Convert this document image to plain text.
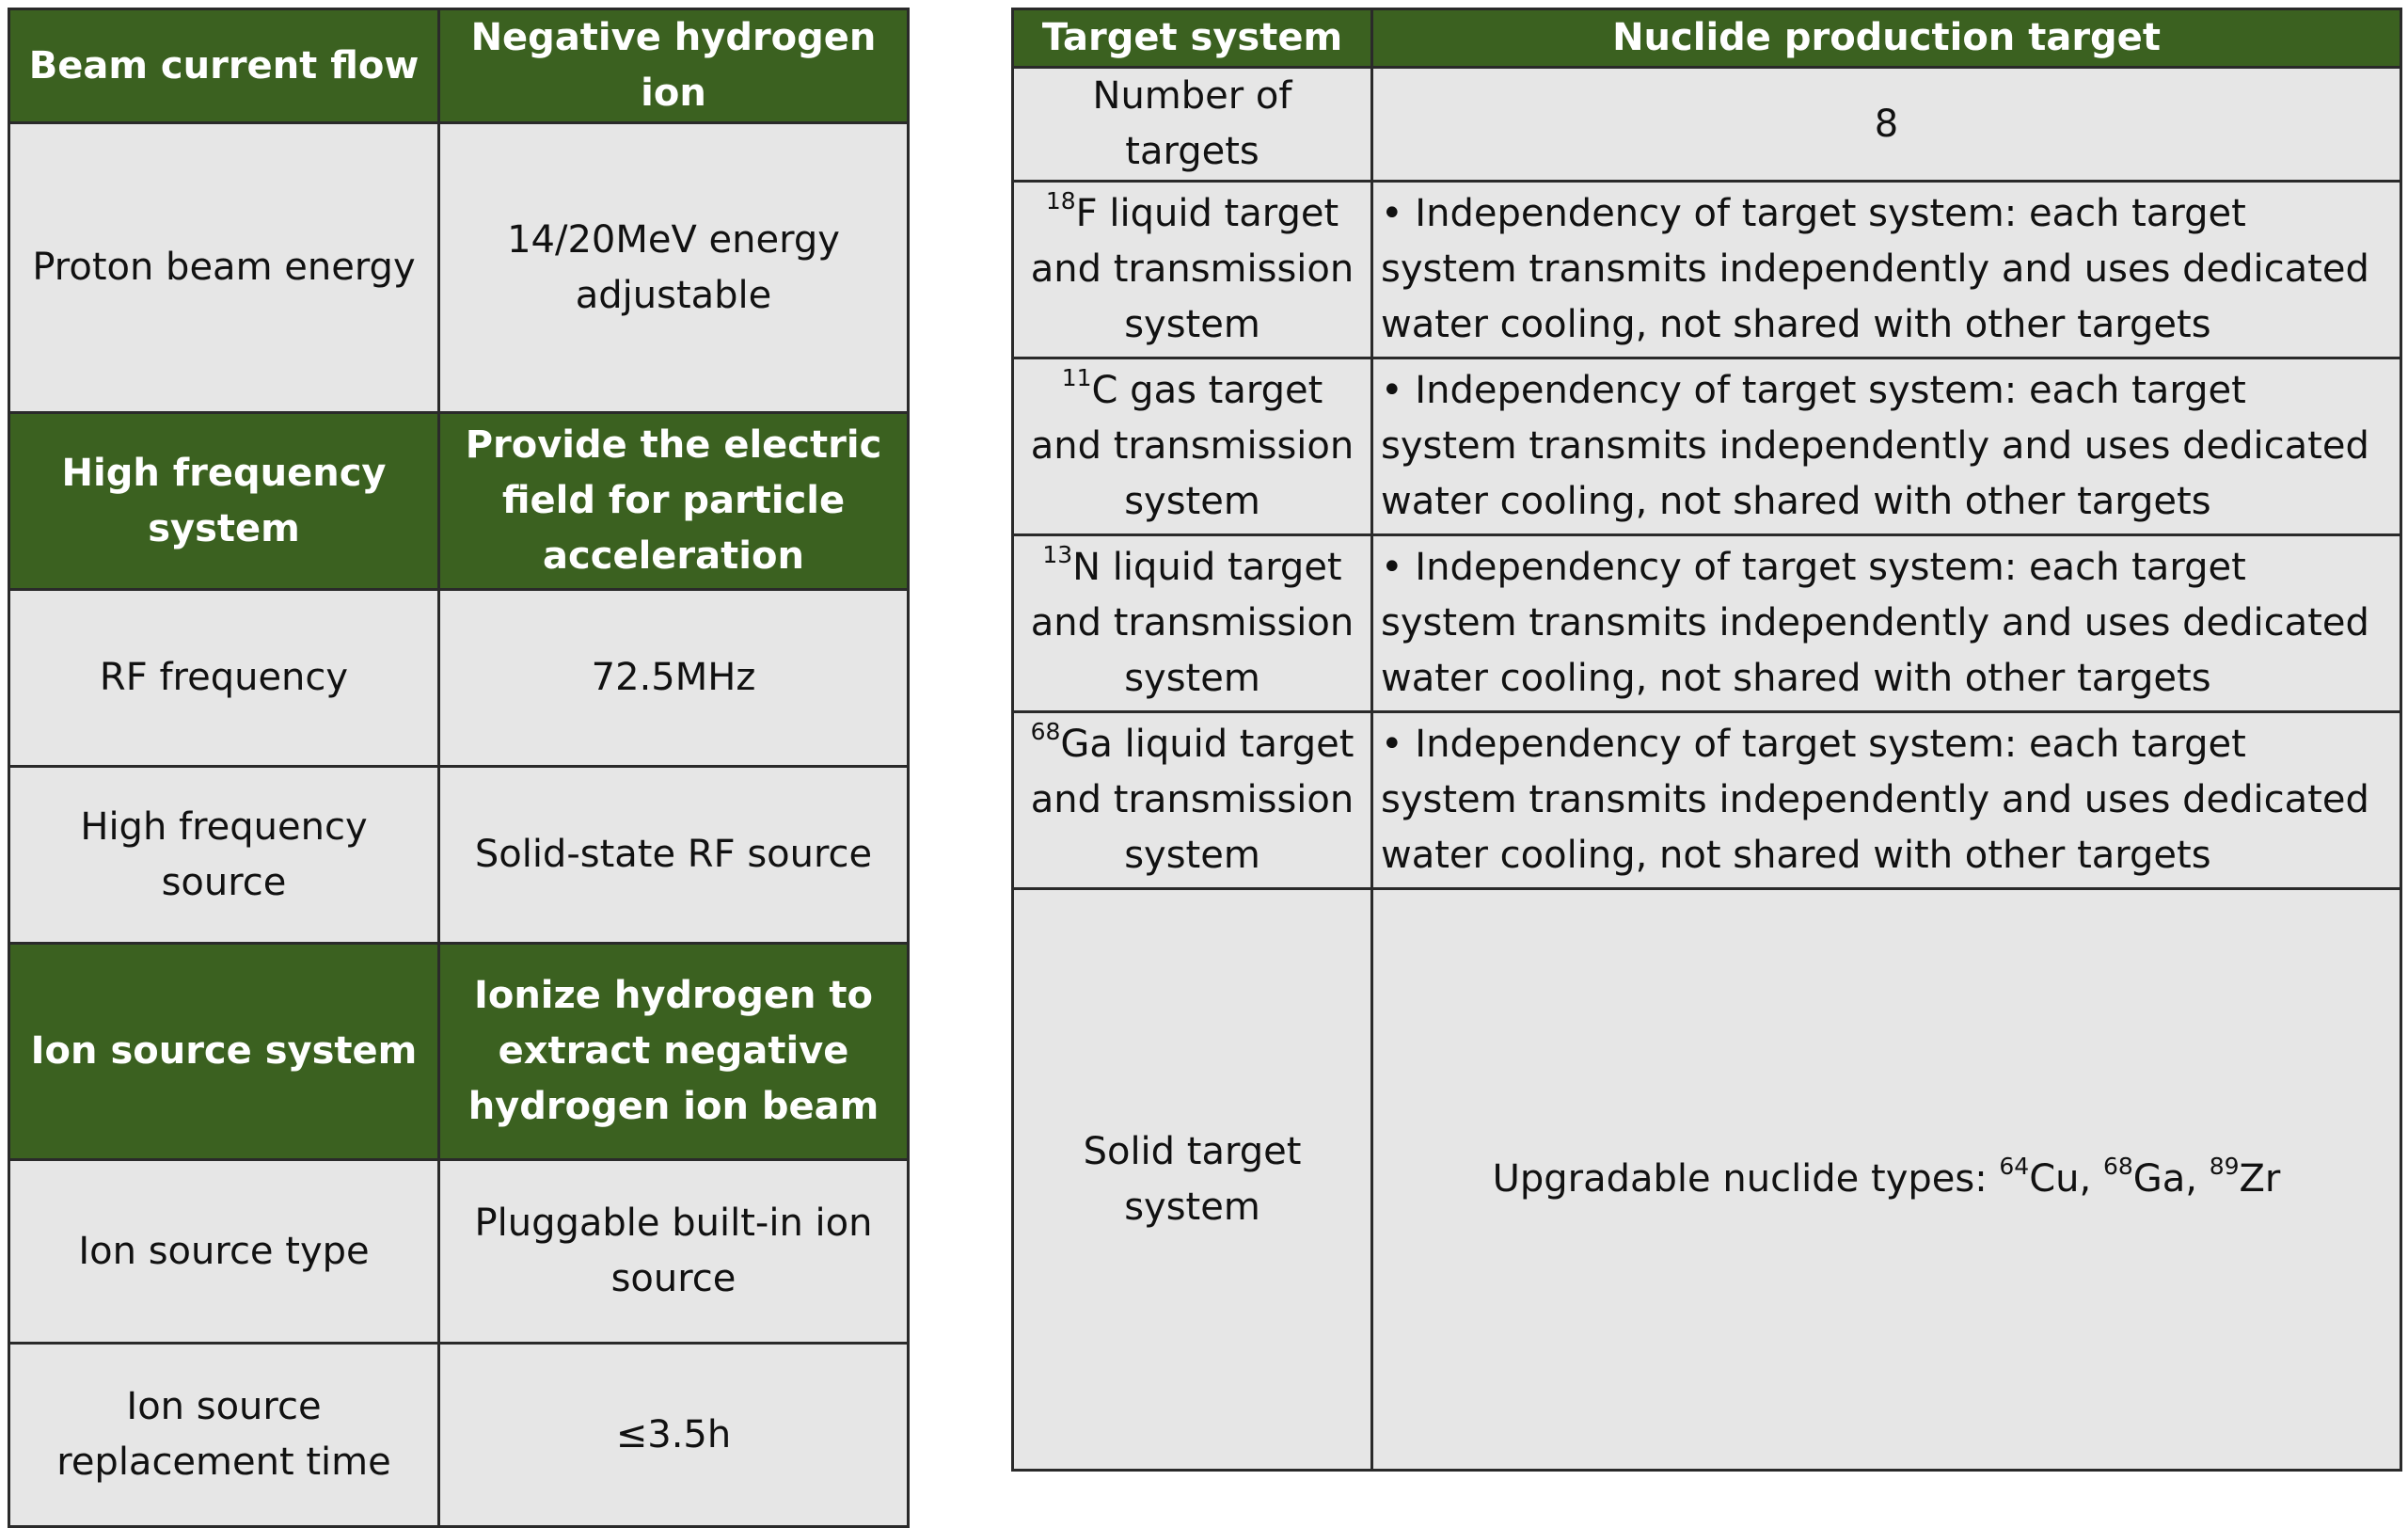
Beam current flow	Negative hydrogen ion
Proton beam energy	14/20MeV energy adjustable
High frequency system	Provide the electric field for particle acceleration
RF frequency	72.5MHz
High frequency source	Solid-state RF source
Ion source system	Ionize hydrogen to extract negative hydrogen ion beam
Ion source type	Pluggable built-in ion source
Ion source replacement time	≤3.5h
Target system	Nuclide production target
Number of targets	8
$^{18}$F liquid target and transmission system	• Independency of target system: each target system transmits independently and uses dedicated water cooling, not shared with other targets
$^{11}$C gas target and transmission system	• Independency of target system: each target system transmits independently and uses dedicated water cooling, not shared with other targets
$^{13}$N liquid target and transmission system	• Independency of target system: each target system transmits independently and uses dedicated water cooling, not shared with other targets
$^{68}$Ga liquid target and transmission system	• Independency of target system: each target system transmits independently and uses dedicated water cooling, not shared with other targets
Solid target system	Upgradable nuclide types: $^{64}$Cu, $^{68}$Ga, $^{89}$Zr
